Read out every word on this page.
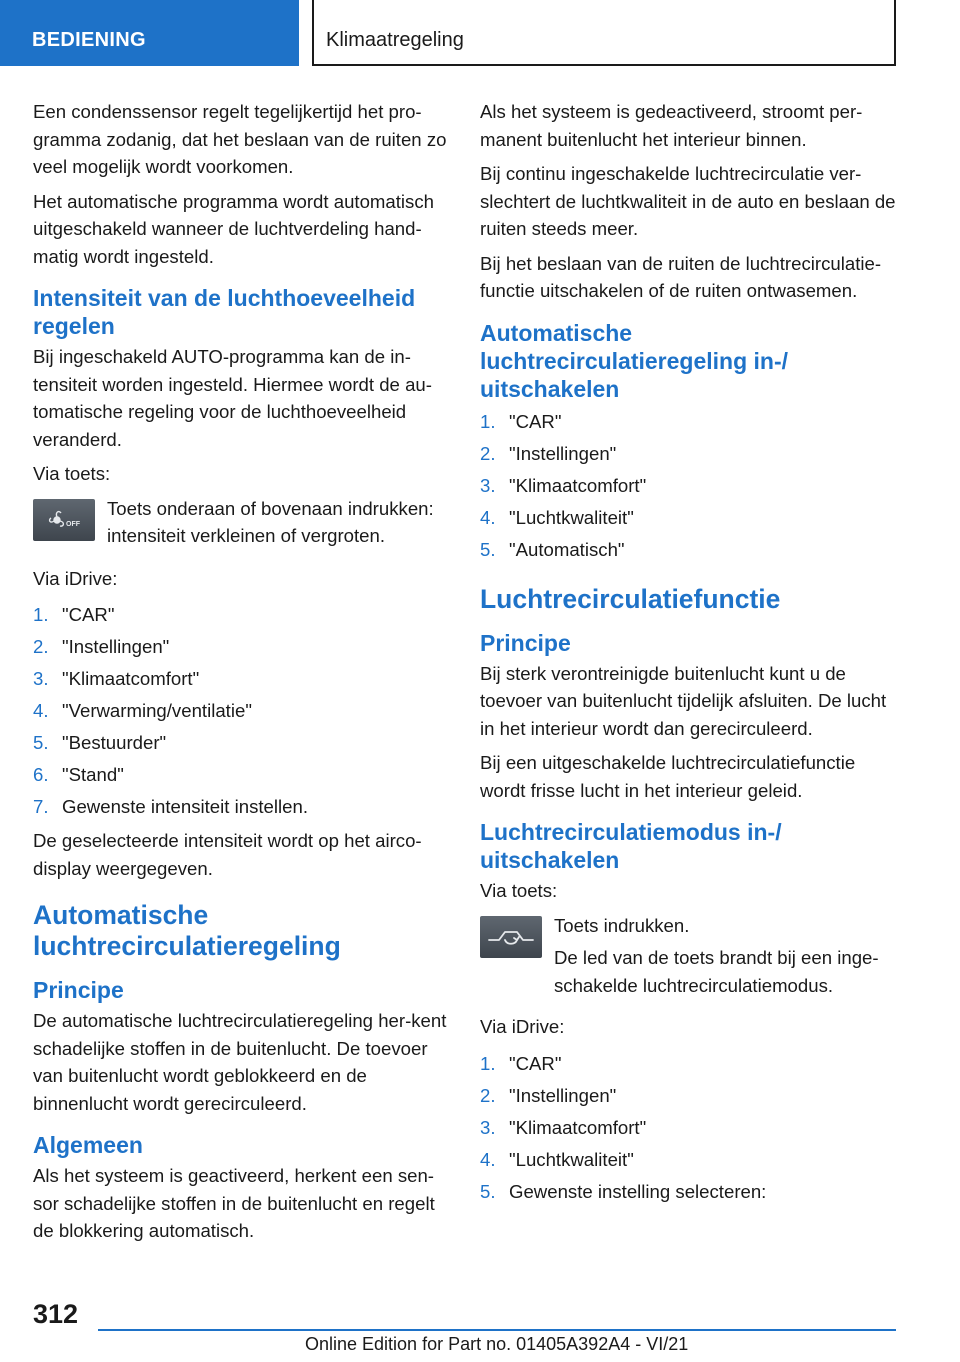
BEDIENING	Klimaatregeling

Een condenssensor regelt tegelijkertijd het pro-gramma zodanig, dat het beslaan van de ruiten zo veel mogelijk wordt voorkomen.

Het automatische programma wordt automatisch uitgeschakeld wanneer de luchtverdeling hand-matig wordt ingesteld.

Intensiteit van de luchthoeveelheid regelen

Bij ingeschakeld AUTO-programma kan de in-tensiteit worden ingesteld. Hiermee wordt de au-tomatische regeling voor de luchthoeveelheid veranderd.

Via toets:

OFF

Toets onderaan of bovenaan indrukken: intensiteit verkleinen of vergroten.

Via iDrive:

1. "CAR"
2. "Instellingen"
3. "Klimaatcomfort"
4. "Verwarming/ventilatie"
5. "Bestuurder"
6. "Stand"
7. Gewenste intensiteit instellen.

De geselecteerde intensiteit wordt op het airco-display weergegeven.

Automatische luchtrecirculatieregeling
Principe

De automatische luchtrecirculatieregeling her-kent schadelijke stoffen in de buitenlucht. De toevoer van buitenlucht wordt geblokkeerd en de binnenlucht wordt gerecirculeerd.

Algemeen

Als het systeem is geactiveerd, herkent een sen-sor schadelijke stoffen in de buitenlucht en regelt de blokkering automatisch.

Als het systeem is gedeactiveerd, stroomt per-manent buitenlucht het interieur binnen.

Bij continu ingeschakelde luchtrecirculatie ver-slechtert de luchtkwaliteit in de auto en beslaan de ruiten steeds meer.

Bij het beslaan van de ruiten de luchtrecirculatie-functie uitschakelen of de ruiten ontwasemen.

Automatische luchtrecirculatieregeling in-/ uitschakelen
1. "CAR"
2. "Instellingen"
3. "Klimaatcomfort"
4. "Luchtkwaliteit"
5. "Automatisch"
Luchtrecirculatiefunctie
Principe

Bij sterk verontreinigde buitenlucht kunt u de toevoer van buitenlucht tijdelijk afsluiten. De lucht in het interieur wordt dan gerecirculeerd.

Bij een uitgeschakelde luchtrecirculatiefunctie wordt frisse lucht in het interieur geleid.

Luchtrecirculatiemodus in-/ uitschakelen

Via toets:

Toets indrukken.

De led van de toets brandt bij een inge-schakelde luchtrecirculatiemodus.

Via iDrive:

1. "CAR"
2. "Instellingen"
3. "Klimaatcomfort"
4. "Luchtkwaliteit"
5. Gewenste instelling selecteren:
312
Online Edition for Part no. 01405A392A4 - VI/21
